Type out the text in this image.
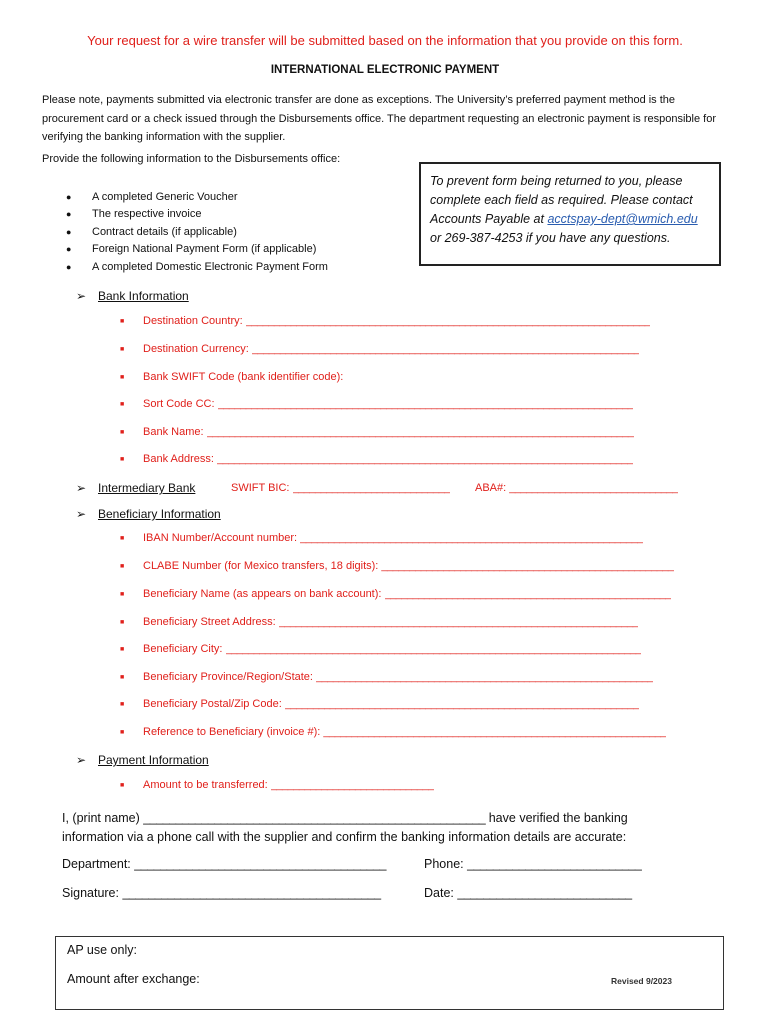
Your request for a wire transfer will be submitted based on the information that you provide on this form.
INTERNATIONAL ELECTRONIC PAYMENT
Please note, payments submitted via electronic transfer are done as exceptions. The University’s preferred payment method is the procurement card or a check issued through the Disbursements office. The department requesting an electronic payment is responsible for verifying the banking information with the supplier.
Provide the following information to the Disbursements office:
●	A completed Generic Voucher
●	The respective invoice
●	Contract details (if applicable)
●	Foreign National Payment Form (if applicable)
●	A completed Domestic Electronic Payment Form
To prevent form being returned to you, please complete each field as required. Please contact Accounts Payable at acctspay-dept@wmich.edu or 269-387-4253 if you have any questions.
➢ Bank Information
■	Destination Country:
________________________________________________________________________
■	Destination Currency:
_____________________________________________________________________
■	Bank SWIFT Code (bank identifier code):

■	Sort Code CC:
__________________________________________________________________________
■	Bank Name:
____________________________________________________________________________
■	Bank Address:
__________________________________________________________________________
➢ Intermediary Bank	SWIFT BIC:
____________________________ ABA#:
______________________________
➢ Beneficiary Information
■	IBAN Number/Account number:
_____________________________________________________________
■	CLABE Number (for Mexico transfers, 18 digits):
____________________________________________________
■	Beneficiary Name (as appears on bank account):
___________________________________________________
■	Beneficiary Street Address:
________________________________________________________________
■	Beneficiary City:
__________________________________________________________________________
■	Beneficiary Province/Region/State:
____________________________________________________________
■	Beneficiary Postal/Zip Code:
_______________________________________________________________
■	Reference to Beneficiary (invoice #):
_____________________________________________________________
➢ Payment Information
■	Amount to be transferred:
_____________________________
I, (print name) _____________________________________________________ have verified the banking
information via a phone call with the supplier and confirm the banking information details are accurate:
Department: _______________________________________	Phone: ___________________________
Signature: ________________________________________	Date: ___________________________
AP use only:
Amount after exchange:	Revised 9/2023
